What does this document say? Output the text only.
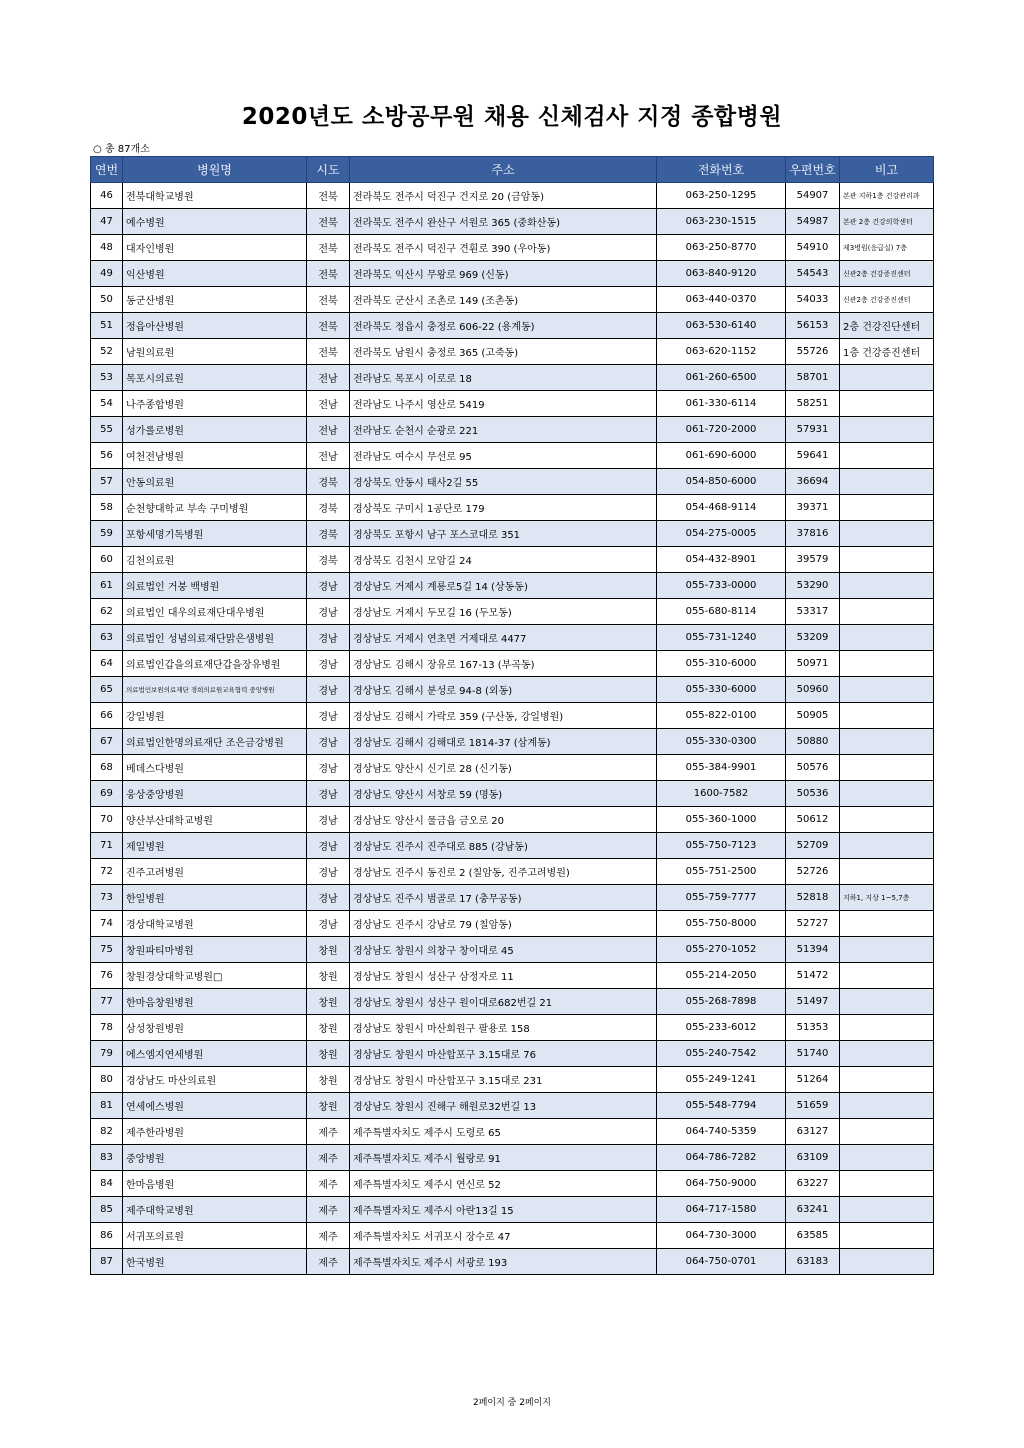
2020년도 소방공무원 채용 신체검사 지정 종합병원
○ 총 87개소
연번	병원명	시도	주소	전화번호	우편번호	비고
46	전북대학교병원	전북	전라북도 전주시 덕진구 건지로 20 (금암동)	063-250-1295	54907	본관 지하1층 건강관리과
47	예수병원	전북	전라북도 전주시 완산구 서원로 365 (중화산동)	063-230-1515	54987	본관 2층 건강의학센터
48	대자인병원	전북	전라북도 전주시 덕진구 견훤로 390 (우아동)	063-250-8770	54910	제3병원(응급실) 7층
49	익산병원	전북	전라북도 익산시 무왕로 969 (신동)	063-840-9120	54543	신관2층 건강증진센터
50	동군산병원	전북	전라북도 군산시 조촌로 149 (조촌동)	063-440-0370	54033	신관2층 건강증진센터
51	정읍아산병원	전북	전라북도 정읍시 충정로 606-22 (용계동)	063-530-6140	56153	2층 건강진단센터
52	남원의료원	전북	전라북도 남원시 충정로 365 (고죽동)	063-620-1152	55726	1층 건강증진센터
53	목포시의료원	전남	전라남도 목포시 이로로 18	061-260-6500	58701	
54	나주종합병원	전남	전라남도 나주시 영산로 5419	061-330-6114	58251	
55	성가롤로병원	전남	전라남도 순천시 순광로 221	061-720-2000	57931	
56	여천전남병원	전남	전라남도 여수시 무선로 95	061-690-6000	59641	
57	안동의료원	경북	경상북도 안동시 태사2길 55	054-850-6000	36694	
58	순천향대학교 부속 구미병원	경북	경상북도 구미시 1공단로 179	054-468-9114	39371	
59	포항세명기독병원	경북	경상북도 포항시 남구 포스코대로 351	054-275-0005	37816	
60	김천의료원	경북	경상북도 김천시 모암길 24	054-432-8901	39579	
61	의료법인 거붕 백병원	경남	경상남도 거제시 계룡로5길 14 (상동동)	055-733-0000	53290	
62	의료법인 대우의료재단대우병원	경남	경상남도 거제시 두모길 16 (두모동)	055-680-8114	53317	
63	의료법인 성념의료재단맑은샘병원	경남	경상남도 거제시 연초면 거제대로 4477	055-731-1240	53209	
64	의료법인갑을의료재단갑을장유병원	경남	경상남도 김해시 장유로 167-13 (부곡동)	055-310-6000	50971	
65	의료법인보원의료재단 경희의료원교육협력 중앙병원	경남	경상남도 김해시 분성로 94-8 (외동)	055-330-6000	50960	
66	강일병원	경남	경상남도 김해시 가락로 359 (구산동, 강일병원)	055-822-0100	50905	
67	의료법인한명의료재단 조은금강병원	경남	경상남도 김해시 김해대로 1814-37 (삼계동)	055-330-0300	50880	
68	베데스다병원	경남	경상남도 양산시 신기로 28 (신기동)	055-384-9901	50576	
69	웅상중앙병원	경남	경상남도 양산시 서창로 59 (명동)	1600-7582	50536	
70	양산부산대학교병원	경남	경상남도 양산시 물금읍 금오로 20	055-360-1000	50612	
71	제일병원	경남	경상남도 진주시 진주대로 885 (강남동)	055-750-7123	52709	
72	진주고려병원	경남	경상남도 진주시 동진로 2 (칠암동, 진주고려병원)	055-751-2500	52726	
73	한일병원	경남	경상남도 진주시 범골로 17 (충무공동)	055-759-7777	52818	지하1, 지상 1~5,7층
74	경상대학교병원	경남	경상남도 진주시 강남로 79 (칠암동)	055-750-8000	52727	
75	창원파티마병원	창원	경상남도 창원시 의창구 창이대로 45	055-270-1052	51394	
76	창원경상대학교병원□	창원	경상남도 창원시 성산구 삼정자로 11	055-214-2050	51472	
77	한마음창원병원	창원	경상남도 창원시 성산구 원이대로682번길 21	055-268-7898	51497	
78	삼성창원병원	창원	경상남도 창원시 마산회원구 팔용로 158	055-233-6012	51353	
79	에스엠지연세병원	창원	경상남도 창원시 마산합포구 3.15대로 76	055-240-7542	51740	
80	경상남도 마산의료원	창원	경상남도 창원시 마산합포구 3.15대로 231	055-249-1241	51264	
81	연세에스병원	창원	경상남도 창원시 진해구 해원로32번길 13	055-548-7794	51659	
82	제주한라병원	제주	제주특별자치도 제주시 도령로 65	064-740-5359	63127	
83	중앙병원	제주	제주특별자치도 제주시 월랑로 91	064-786-7282	63109	
84	한마음병원	제주	제주특별자치도 제주시 연신로 52	064-750-9000	63227	
85	제주대학교병원	제주	제주특별자치도 제주시 아란13길 15	064-717-1580	63241	
86	서귀포의료원	제주	제주특별자치도 서귀포시 장수로 47	064-730-3000	63585	
87	한국병원	제주	제주특별자치도 제주시 서광로 193	064-750-0701	63183	
2페이지 중 2페이지
